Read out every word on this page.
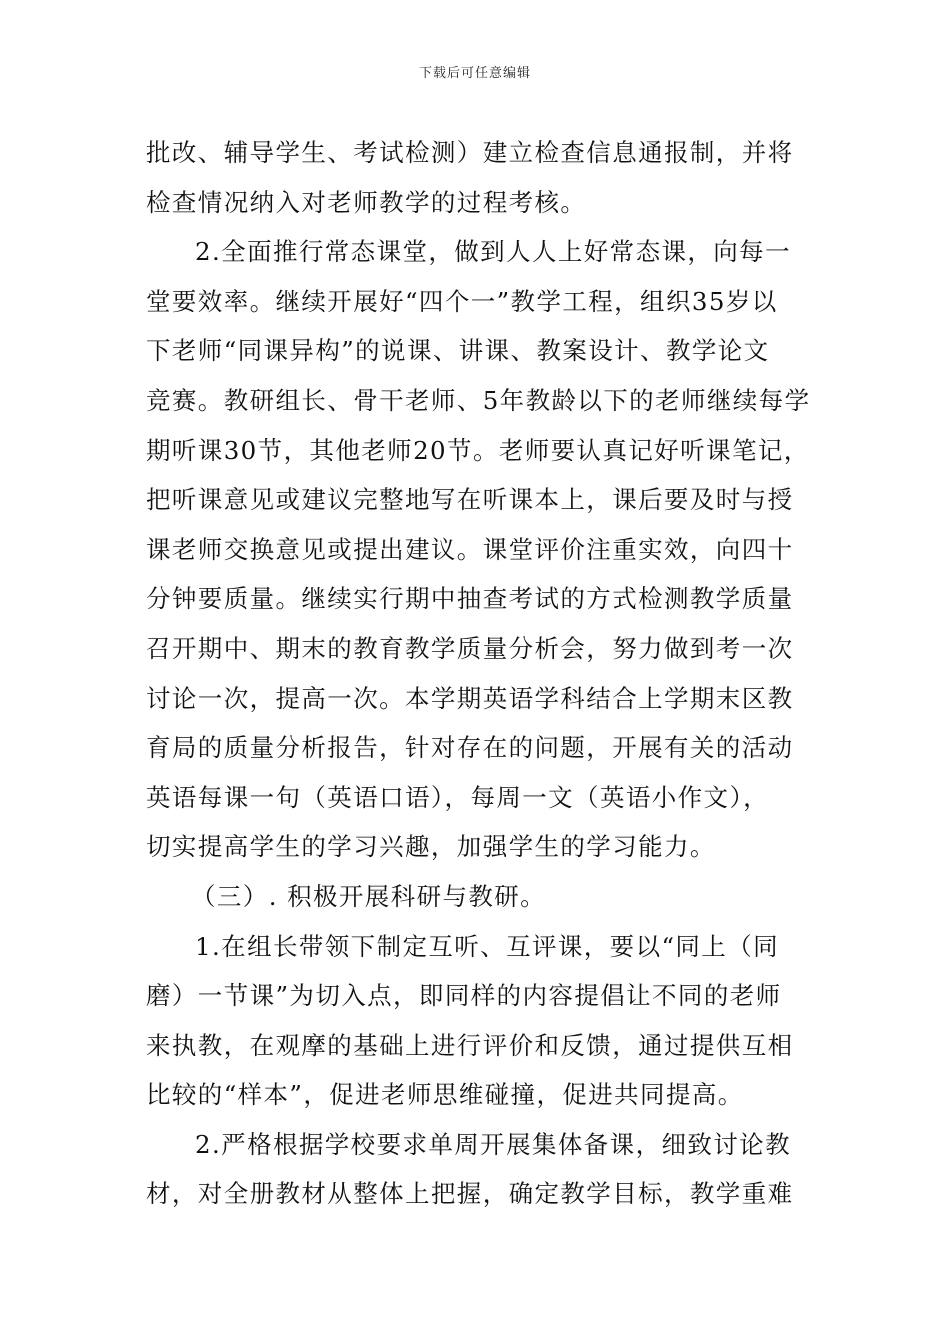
下载后可任意编辑
批改、辅导学生、考试检测）建立检查信息通报制，并将
检查情况纳入对老师教学的过程考核。
2.全面推行常态课堂，做到人人上好常态课，向每一
堂要效率。继续开展好“四个一”教学工程，组织35岁以
下老师“同课异构”的说课、讲课、教案设计、教学论文
竞赛。教研组长、骨干老师、5年教龄以下的老师继续每学
期听课30节，其他老师20节。老师要认真记好听课笔记，
把听课意见或建议完整地写在听课本上，课后要及时与授
课老师交换意见或提出建议。课堂评价注重实效，向四十
分钟要质量。继续实行期中抽查考试的方式检测教学质量
召开期中、期末的教育教学质量分析会，努力做到考一次
讨论一次，提高一次。本学期英语学科结合上学期末区教
育局的质量分析报告，针对存在的问题，开展有关的活动
英语每课一句（英语口语），每周一文（英语小作文），
切实提高学生的学习兴趣，加强学生的学习能力。
（三）. 积极开展科研与教研。
1.在组长带领下制定互听、互评课，要以“同上（同
磨）一节课”为切入点，即同样的内容提倡让不同的老师
来执教，在观摩的基础上进行评价和反馈，通过提供互相
比较的“样本”，促进老师思维碰撞，促进共同提高。
2.严格根据学校要求单周开展集体备课，细致讨论教
材，对全册教材从整体上把握，确定教学目标，教学重难
